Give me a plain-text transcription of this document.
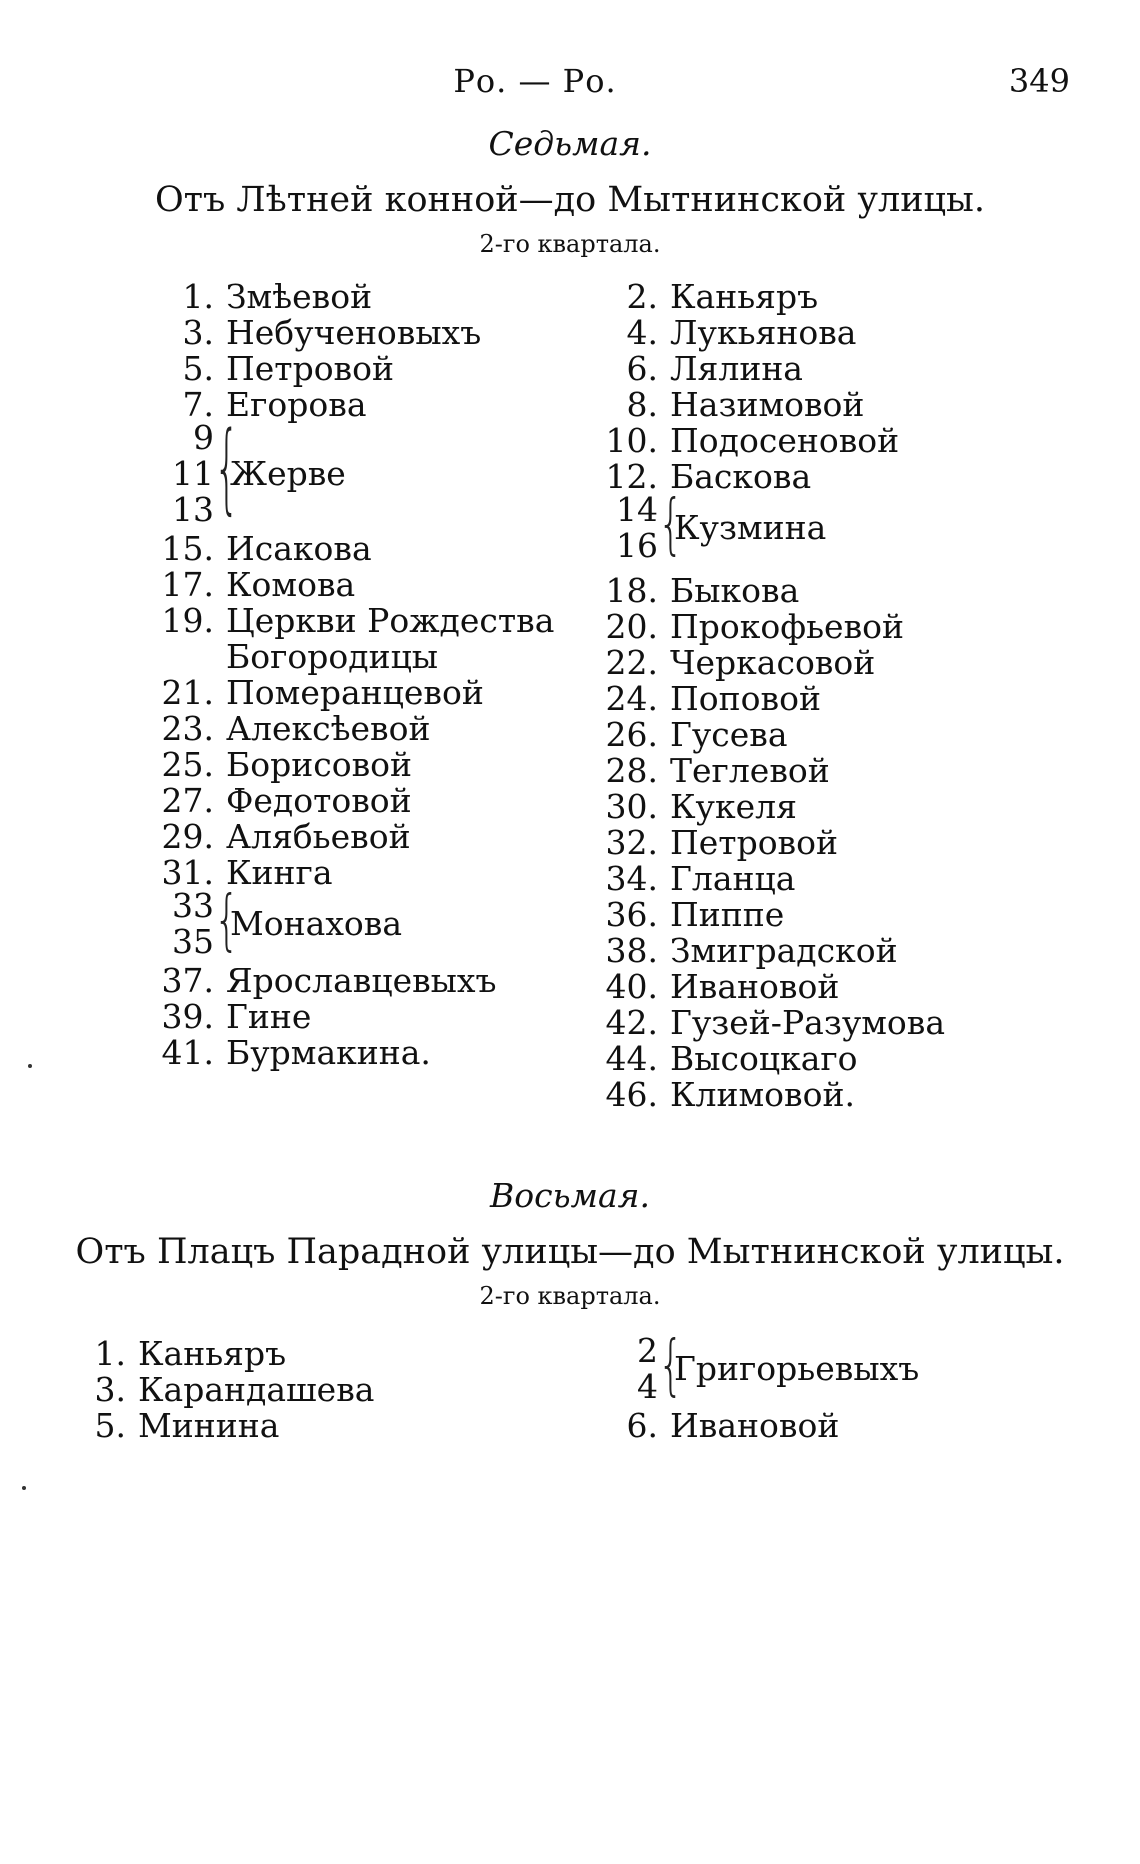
Ро. — Ро.	349
Седьмая.
Отъ Лѣтней конной—до Мытнинской улицы.
2-го квартала.
1. Змѣевой
3. Небученовыхъ
5. Петровой
7. Егорова
9
11
13 {
Жерве
15. Исакова
17. Комова
19. Церкви Рождества
Богородицы
21. Померанцевой
23. Алексѣевой
25. Борисовой
27. Федотовой
29. Алябьевой
31. Кинга
33
35 {
Монахова
37. Ярославцевыхъ
39. Гине
41. Бурмакина.
2. Каньяръ
4. Лукьянова
6. Лялина
8. Назимовой
10. Подосеновой
12. Баскова
14
16 {
Кузмина
18. Быкова
20. Прокофьевой
22. Черкасовой
24. Поповой
26. Гусева
28. Теглевой
30. Кукеля
32. Петровой
34. Гланца
36. Пиппе
38. Змиградской
40. Ивановой
42. Гузей-Разумова
44. Высоцкаго
46. Климовой.
Восьмая.
Отъ Плацъ Парадной улицы—до Мытнинской улицы.
2-го квартала.
1. Каньяръ
3. Карандашева
5. Минина
2
4 {
Григорьевыхъ
6. Ивановой
